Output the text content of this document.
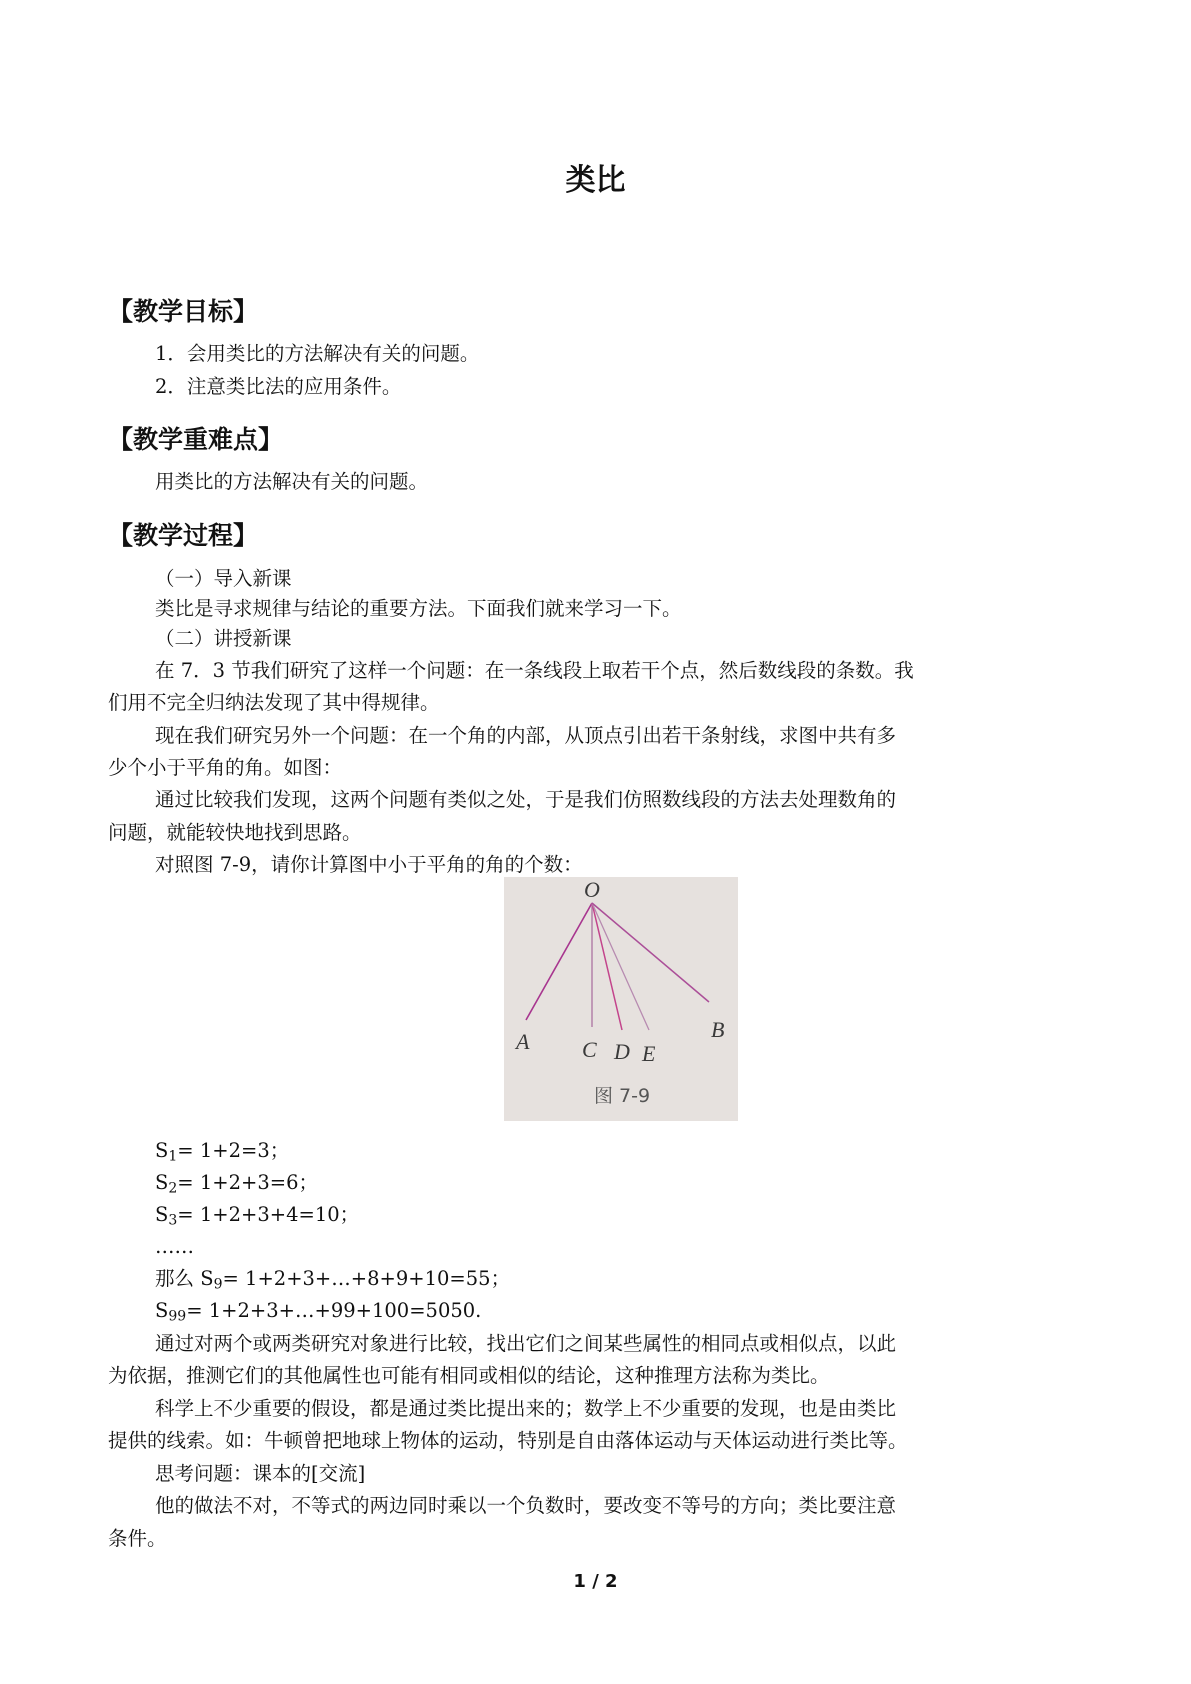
类比
【教学目标】
1．会用类比的方法解决有关的问题。
2．注意类比法的应用条件。
【教学重难点】
用类比的方法解决有关的问题。
【教学过程】
（一）导入新课
类比是寻求规律与结论的重要方法。下面我们就来学习一下。
（二）讲授新课
在 7．3 节我们研究了这样一个问题：在一条线段上取若干个点，然后数线段的条数。我
们用不完全归纳法发现了其中得规律。
现在我们研究另外一个问题：在一个角的内部，从顶点引出若干条射线，求图中共有多
少个小于平角的角。如图：
通过比较我们发现，这两个问题有类似之处，于是我们仿照数线段的方法去处理数角的
问题，就能较快地找到思路。
对照图 7-9，请你计算图中小于平角的角的个数：
O
A C D E
B
图 7-9
$S_1= 1+2=3$；
$S_2= 1+2+3=6$；
$S_3= 1+2+3+4=10$；
……
那么 $S_9=$ 1+2+3+…+8+9+10=55；
$S_{99}=$ 1+2+3+…+99+100=5050.
通过对两个或两类研究对象进行比较，找出它们之间某些属性的相同点或相似点，以此
为依据，推测它们的其他属性也可能有相同或相似的结论，这种推理方法称为类比。
科学上不少重要的假设，都是通过类比提出来的；数学上不少重要的发现，也是由类比
提供的线索。如：牛顿曾把地球上物体的运动，特别是自由落体运动与天体运动进行类比等。
思考问题：课本的[交流]
他的做法不对，不等式的两边同时乘以一个负数时，要改变不等号的方向；类比要注意
条件。
1 / 2
